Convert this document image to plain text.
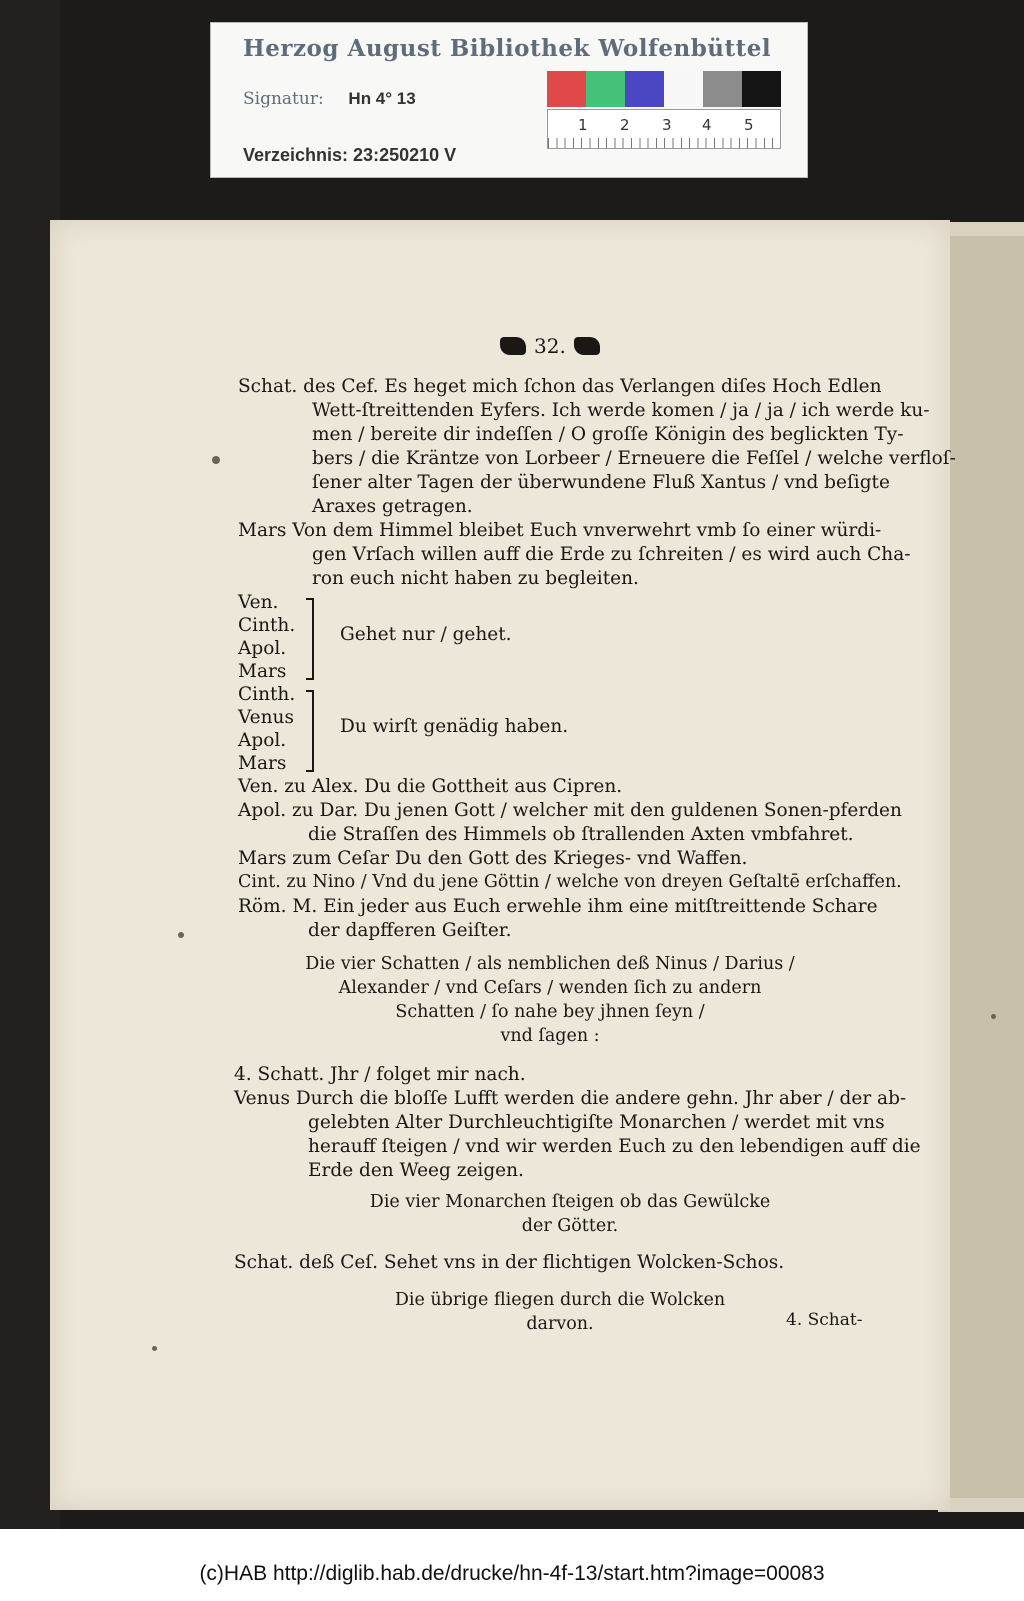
Herzog August Bibliothek Wolfenbüttel
Signatur: Hn 4° 13
Verzeichnis: 23:250210 V
1 2 3 4 5
32.
Schat. des Cef. Es heget mich ſchon das Verlangen diſes Hoch Edlen
Wett-ſtreittenden Eyfers. Ich werde komen / ja / ja / ich werde ku-
men / bereite dir indeſſen / O groſſe Königin des beglickten Ty-
bers / die Kräntze von Lorbeer / Erneuere die Feſſel / welche verfloſ-
ſener alter Tagen der überwundene Fluß Xantus / vnd beſigte
Araxes getragen.
Mars Von dem Himmel bleibet Euch vnverwehrt vmb ſo einer würdi-
gen Vrſach willen auff die Erde zu ſchreiten / es wird auch Cha-
ron euch nicht haben zu begleiten.
Ven.
Cinth.
Apol.
Mars
Gehet nur / gehet.
Cinth.
Venus
Apol.
Mars
Du wirſt genädig haben.
Ven. zu Alex. Du die Gottheit aus Cipren.
Apol. zu Dar. Du jenen Gott / welcher mit den guldenen Sonen-pferden
die Straſſen des Himmels ob ſtrallenden Axten vmbfahret.
Mars zum Ceſar Du den Gott des Krieges- vnd Waffen.
Cint. zu Nino / Vnd du jene Göttin / welche von dreyen Geſtaltē erſchaffen.
Röm. M. Ein jeder aus Euch erwehle ihm eine mitſtreittende Schare
der dapfferen Geiſter.
Die vier Schatten / als nemblichen deß Ninus / Darius /
Alexander / vnd Ceſars / wenden ſich zu andern
Schatten / ſo nahe bey jhnen ſeyn /
vnd ſagen :
4. Schatt. Jhr / folget mir nach.
Venus Durch die bloſſe Lufft werden die andere gehn. Jhr aber / der ab-
gelebten Alter Durchleuchtigiſte Monarchen / werdet mit vns
herauff ſteigen / vnd wir werden Euch zu den lebendigen auff die
Erde den Weeg zeigen.
Die vier Monarchen ſteigen ob das Gewülcke
der Götter.
Schat. deß Ceſ. Sehet vns in der flichtigen Wolcken-Schos.
Die übrige fliegen durch die Wolcken
darvon.	4. Schat-
(c)HAB http://diglib.hab.de/drucke/hn-4f-13/start.htm?image=00083
